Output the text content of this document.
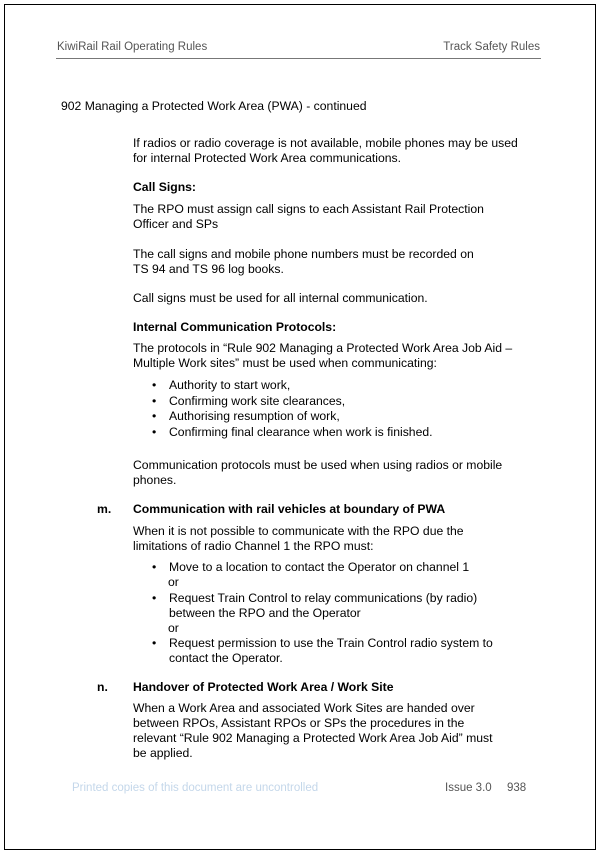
KiwiRail Rail Operating Rules	Track Safety Rules
902 Managing a Protected Work Area (PWA) - continued
If radios or radio coverage is not available, mobile phones may be used for internal Protected Work Area communications.
Call Signs:
The RPO must assign call signs to each Assistant Rail Protection Officer and SPs
The call signs and mobile phone numbers must be recorded on
TS 94 and TS 96 log books.
Call signs must be used for all internal communication.
Internal Communication Protocols:
The protocols in “Rule 902 Managing a Protected Work Area Job Aid – Multiple Work sites” must be used when communicating:
• Authority to start work,
• Confirming work site clearances,
• Authorising resumption of work,
• Confirming final clearance when work is finished.
Communication protocols must be used when using radios or mobile phones.
m. Communication with rail vehicles at boundary of PWA
When it is not possible to communicate with the RPO due the limitations of radio Channel 1 the RPO must:
• Move to a location to contact the Operator on channel 1
or
• Request Train Control to relay communications (by radio) between the RPO and the Operator
or
• Request permission to use the Train Control radio system to contact the Operator.
n. Handover of Protected Work Area / Work Site
When a Work Area and associated Work Sites are handed over between RPOs, Assistant RPOs or SPs the procedures in the relevant “Rule 902 Managing a Protected Work Area Job Aid” must be applied.
Printed copies of this document are uncontrolled	Issue 3.0 938
